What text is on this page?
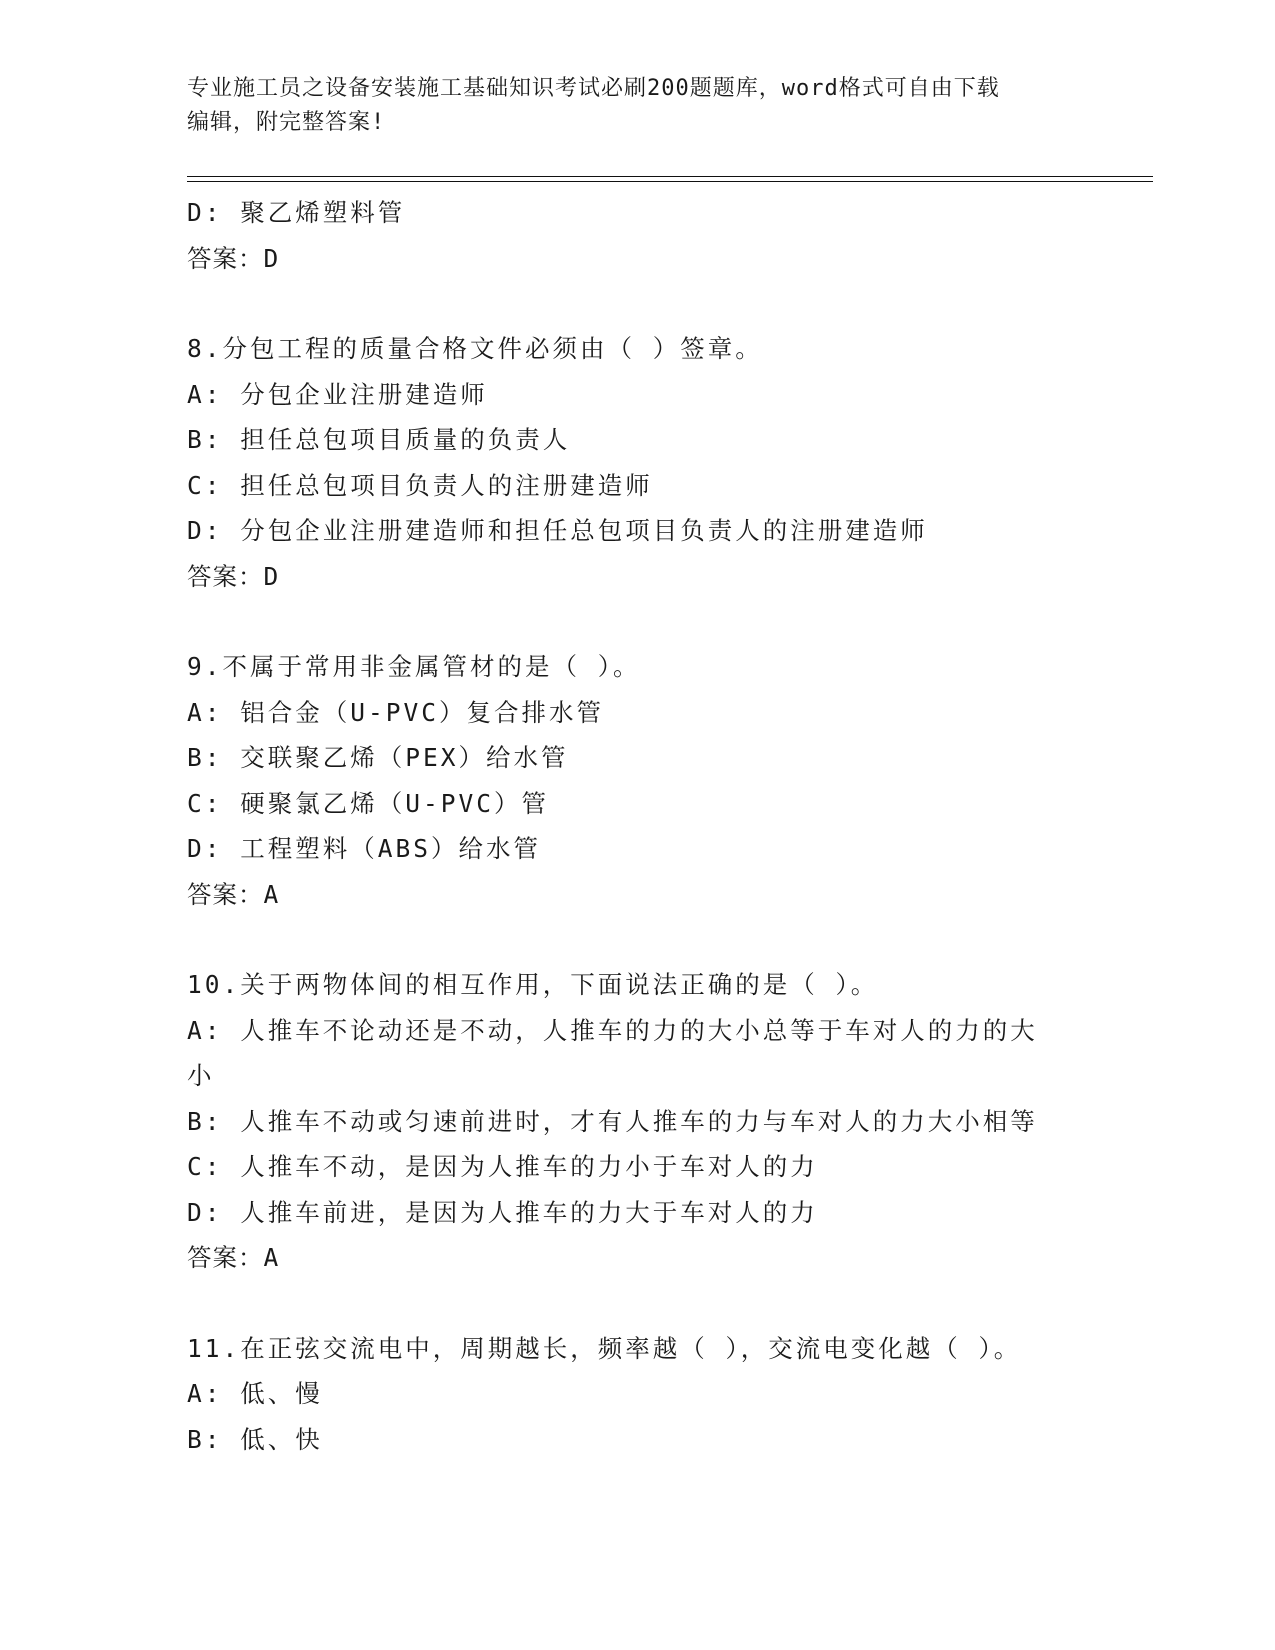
专业施工员之设备安装施工基础知识考试必刷200题题库，word格式可自由下载
编辑，附完整答案!
D: 聚乙烯塑料管
答案：D
8.分包工程的质量合格文件必须由（ ）签章。
A: 分包企业注册建造师
B: 担任总包项目质量的负责人
C: 担任总包项目负责人的注册建造师
D: 分包企业注册建造师和担任总包项目负责人的注册建造师
答案：D
9.不属于常用非金属管材的是（ ）。
A: 铝合金（U-PVC）复合排水管
B: 交联聚乙烯（PEX）给水管
C: 硬聚氯乙烯（U-PVC）管
D: 工程塑料（ABS）给水管
答案：A
10.关于两物体间的相互作用，下面说法正确的是（ ）。
A: 人推车不论动还是不动，人推车的力的大小总等于车对人的力的大
小
B: 人推车不动或匀速前进时，才有人推车的力与车对人的力大小相等
C: 人推车不动，是因为人推车的力小于车对人的力
D: 人推车前进，是因为人推车的力大于车对人的力
答案：A
11.在正弦交流电中，周期越长，频率越（ ），交流电变化越（ ）。
A: 低、慢
B: 低、快
